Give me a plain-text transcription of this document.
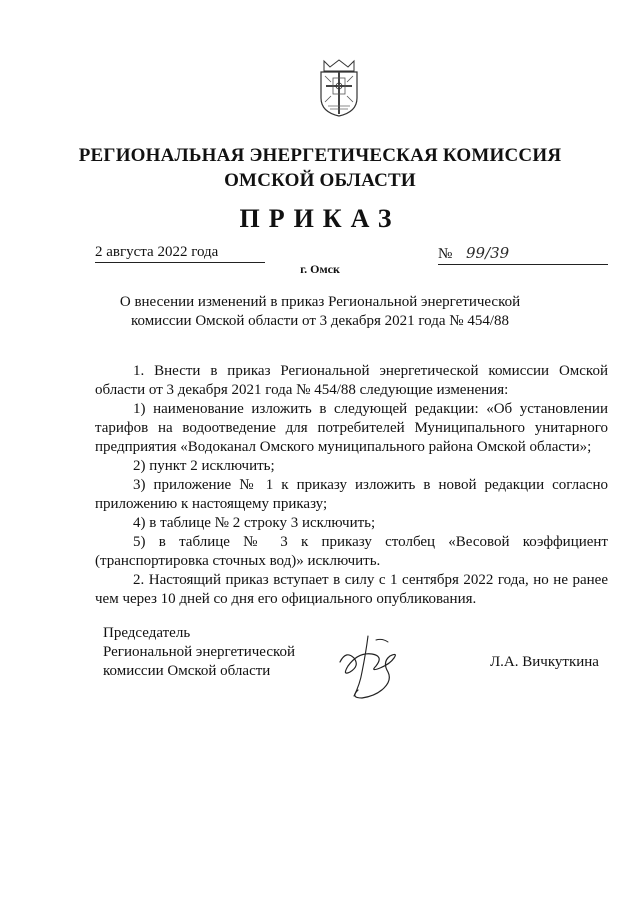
РЕГИОНАЛЬНАЯ ЭНЕРГЕТИЧЕСКАЯ КОМИССИЯ
ОМСКОЙ ОБЛАСТИ
ПРИКАЗ
2 августа 2022 года	№ 99/39
г. Омск
О внесении изменений в приказ Региональной энергетической комиссии Омской области от 3 декабря 2021 года № 454/88

1. Внести в приказ Региональной энергетической комиссии Омской области от 3 декабря 2021 года № 454/88 следующие изменения:

1) наименование изложить в следующей редакции: «Об установлении тарифов на водоотведение для потребителей Муниципального унитарного предприятия «Водоканал Омского муниципального района Омской области»;

2) пункт 2 исключить;

3) приложение № 1 к приказу изложить в новой редакции согласно приложению к настоящему приказу;

4) в таблице № 2 строку 3 исключить;

5) в таблице № 3 к приказу столбец «Весовой коэффициент (транспортировка сточных вод)» исключить.

2. Настоящий приказ вступает в силу с 1 сентября 2022 года, но не ранее чем через 10 дней со дня его официального опубликования.

Председатель
Региональной энергетической
комиссии Омской области
Л.А. Вичкуткина
